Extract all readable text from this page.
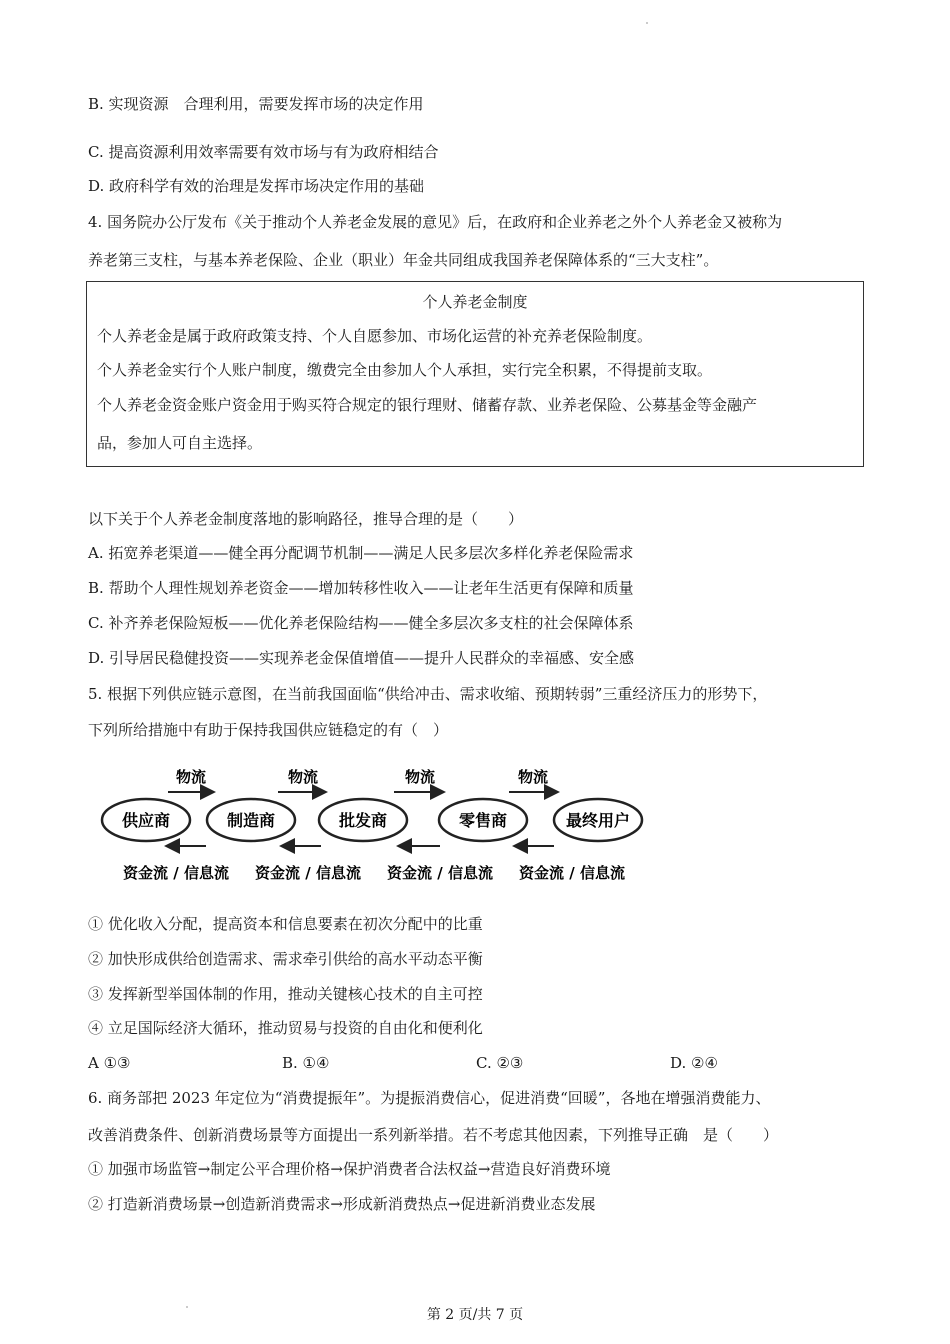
B. 实现资源　合理利用，需要发挥市场的决定作用
C. 提高资源利用效率需要有效市场与有为政府相结合
D. 政府科学有效的治理是发挥市场决定作用的基础
4. 国务院办公厅发布《关于推动个人养老金发展的意见》后，在政府和企业养老之外个人养老金又被称为
养老第三支柱，与基本养老保险、企业（职业）年金共同组成我国养老保障体系的“三大支柱”。
个人养老金制度
个人养老金是属于政府政策支持、个人自愿参加、市场化运营的补充养老保险制度。
个人养老金实行个人账户制度，缴费完全由参加人个人承担，实行完全积累，不得提前支取。
个人养老金资金账户资金用于购买符合规定的银行理财、储蓄存款、业养老保险、公募基金等金融产
品，参加人可自主选择。
以下关于个人养老金制度落地的影响路径，推导合理的是（　　）
A. 拓宽养老渠道——健全再分配调节机制——满足人民多层次多样化养老保险需求
B. 帮助个人理性规划养老资金——增加转移性收入——让老年生活更有保障和质量
C. 补齐养老保险短板——优化养老保险结构——健全多层次多支柱的社会保障体系
D. 引导居民稳健投资——实现养老金保值增值——提升人民群众的幸福感、安全感
5. 根据下列供应链示意图，在当前我国面临“供给冲击、需求收缩、预期转弱”三重经济压力的形势下，
下列所给措施中有助于保持我国供应链稳定的有（　）
供应商	制造商	批发商	零售商	最终用户
物流	物流	物流	物流
资金流 / 信息流 资金流 / 信息流 资金流 / 信息流 资金流 / 信息流
① 优化收入分配，提高资本和信息要素在初次分配中的比重
② 加快形成供给创造需求、需求牵引供给的高水平动态平衡
③ 发挥新型举国体制的作用，推动关键核心技术的自主可控
④ 立足国际经济大循环，推动贸易与投资的自由化和便利化
A ①③	B. ①④	C. ②③	D. ②④
6. 商务部把 2023 年定位为“消费提振年”。为提振消费信心，促进消费“回暖”，各地在增强消费能力、
改善消费条件、创新消费场景等方面提出一系列新举措。若不考虑其他因素，下列推导正确　是（　　）
① 加强市场监管→制定公平合理价格→保护消费者合法权益→营造良好消费环境
② 打造新消费场景→创造新消费需求→形成新消费热点→促进新消费业态发展
第 2 页/共 7 页
